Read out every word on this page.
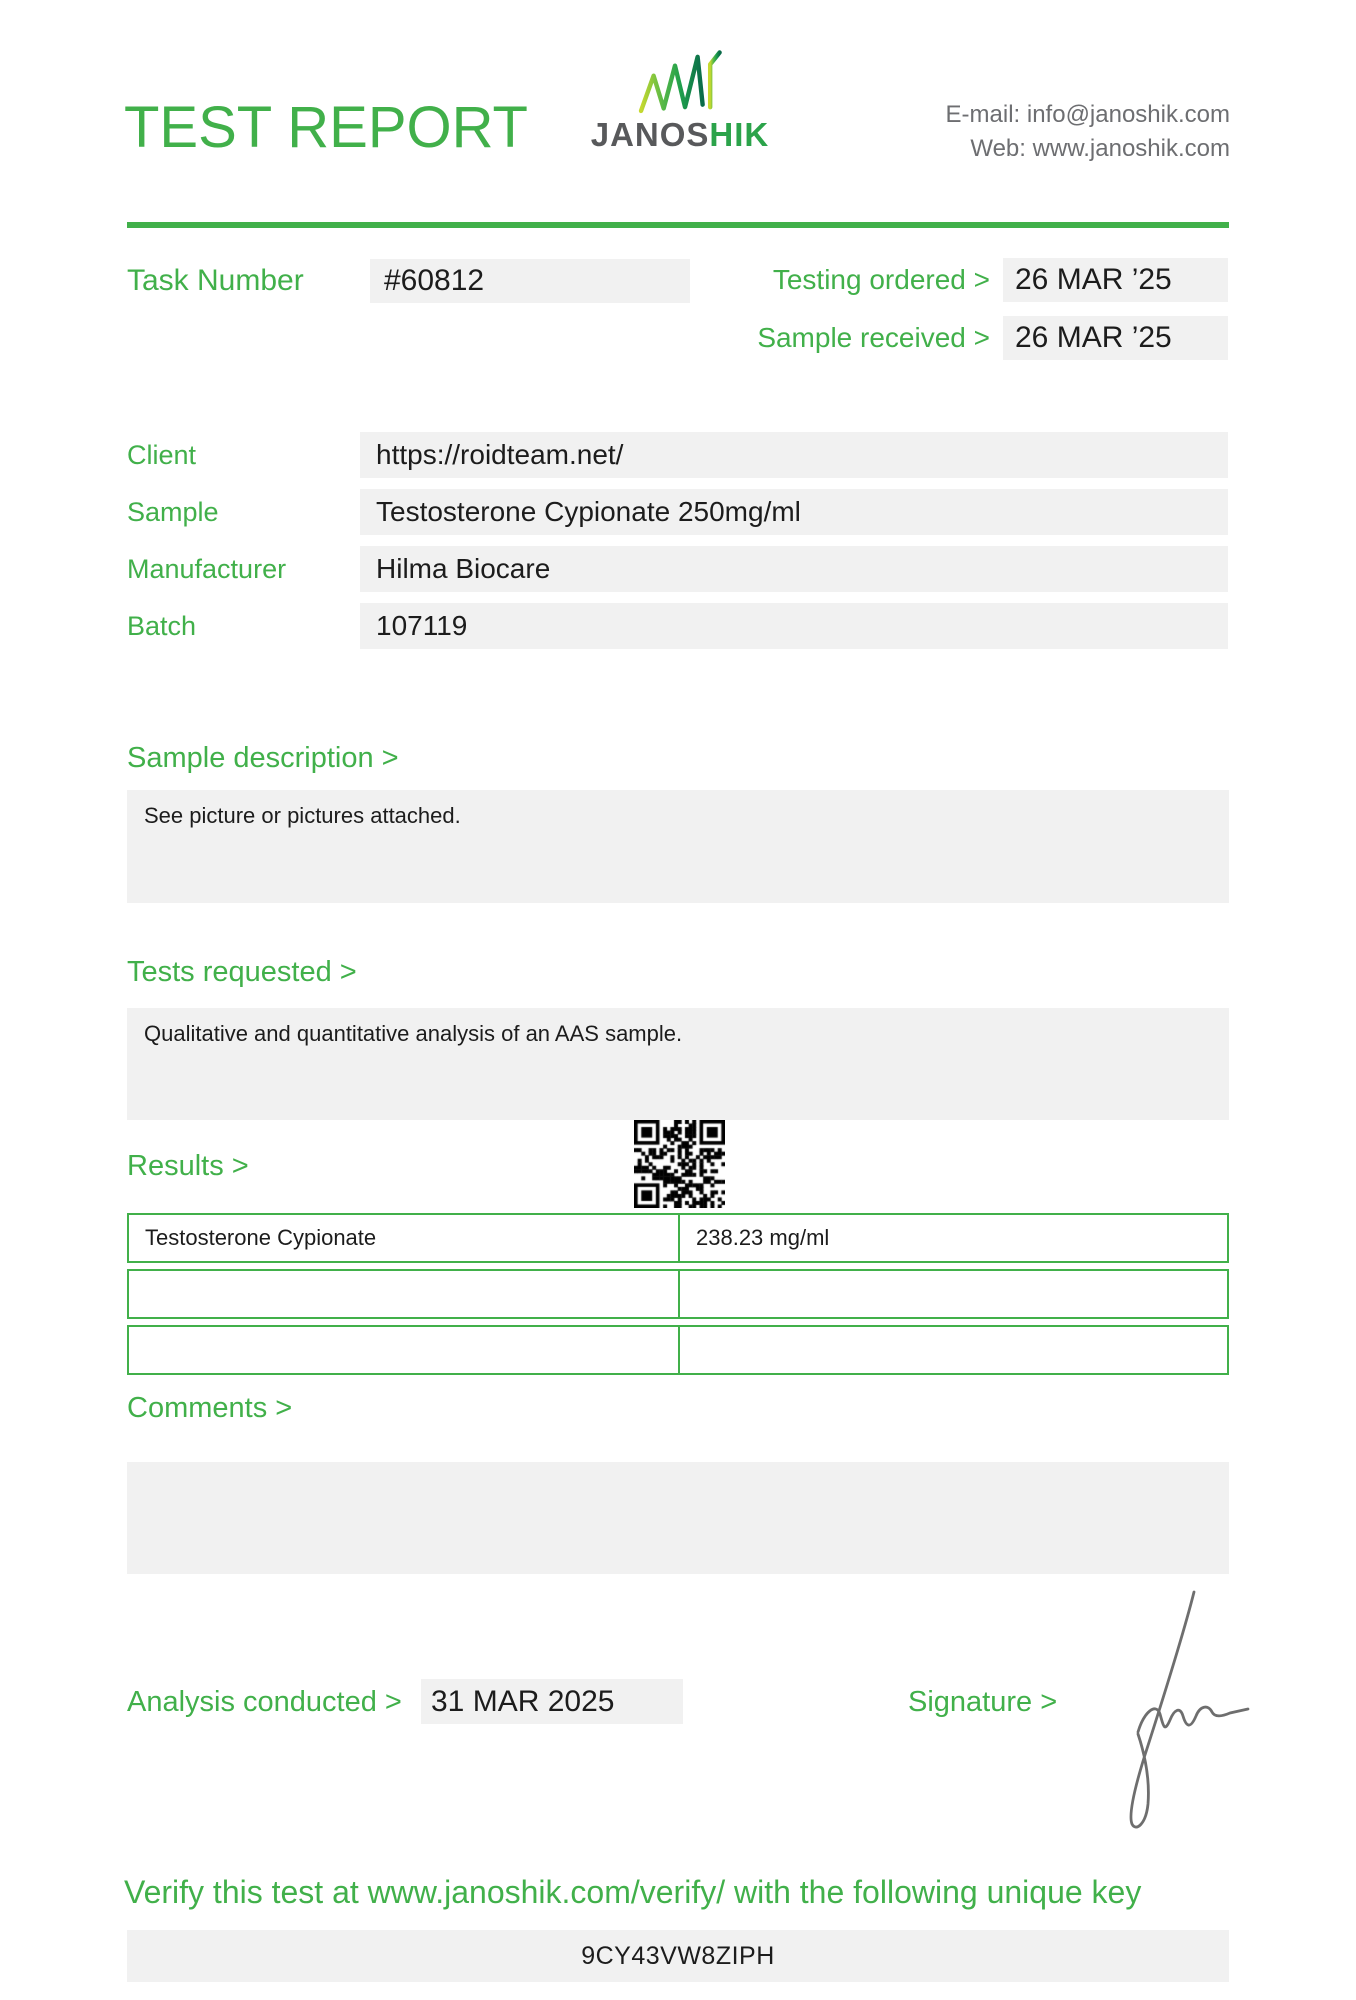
TEST REPORT	JANOSHIK
E-mail: info@janoshik.com
Web: www.janoshik.com
Task Number	#60812	Testing ordered > 26 MAR ’25
Sample received > 26 MAR ’25
Client	https://roidteam.net/
Sample	Testosterone Cypionate 250mg/ml
Manufacturer	Hilma Biocare
Batch	107119
Sample description >
See picture or pictures attached.
Tests requested >
Qualitative and quantitative analysis of an AAS sample.
Results >
Testosterone Cypionate	238.23 mg/ml
Comments >
Analysis conducted > 31 MAR 2025	Signature >
Verify this test at www.janoshik.com/verify/ with the following unique key
9CY43VW8ZIPH
